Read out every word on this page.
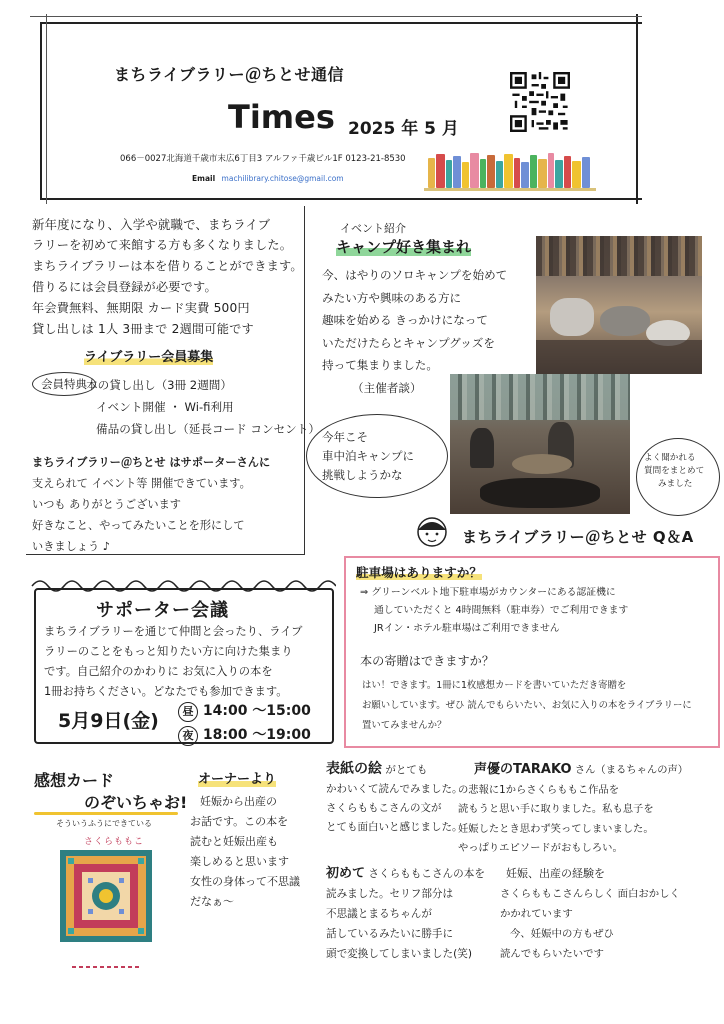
まちライブラリー＠ちとせ通信
Times 2025 年 5 月
066－0027北海道千歳市末広6丁目3 アルファ千歳ビル1F 0123-21-8530
Email machilibrary.chitose@gmail.com
新年度になり、入学や就職で、まちライブ
ラリーを初めて来館する方も多くなりました。
まちライブラリーは本を借りることができます。
借りるには会員登録が必要です。
年会費無料、無期限 カード実費 500円
貸し出しは 1人 3冊まで 2週間可能です
ライブラリー会員募集
会員特典 本の貸し出し（3冊 2週間）
イベント開催 ・ Wi-fi利用
備品の貸し出し（延長コード コンセント）
まちライブラリー＠ちとせ はサポーターさんに
支えられて イベント等 開催できています。
いつも ありがとうございます
好きなこと、やってみたいことを形にして
いきましょう ♪
イベント紹介
キャンプ好き集まれ
今、はやりのソロキャンプを始めて
みたい方や興味のある方に
趣味を始める きっかけになって
いただけたらとキャンプグッズを
持って集まりました。
（主催者談）
今年こそ
車中泊キャンプに
挑戦しようかな
よく聞かれる
質問をまとめて
みました
まちライブラリー＠ちとせ Q＆A
駐車場はありますか？
⇒ グリーンベルト地下駐車場がカウンターにある認証機に
通していただくと 4時間無料（駐車券）でご利用できます
JRイン・ホテル駐車場はご利用できません
本の寄贈はできますか？
はい！できます。1冊に1枚感想カードを書いていただき寄贈を
お願いしています。ぜひ 読んでもらいたい、お気に入りの本をライブラリーに
置いてみませんか？
サポーター会議
まちライブラリーを通じて仲間と会ったり、ライブ
ラリーのことをもっと知りたい方に向けた集まり
です。自己紹介のかわりに お気に入りの本を
1冊お持ちください。どなたでも参加できます。
5月9日(金)	昼 14:00 ～15:00
夜 18:00 ～19:00
感想カード
のぞいちゃお!
そういうふうにできている
さくらももこ
オーナーより
妊娠から出産の
お話です。この本を
読むと妊娠出産も
楽しめると思います
女性の身体って不思議
だなぁ～
表紙の絵 がとても
かわいくて読んでみました。
さくらももこさんの文が
とても面白いと感じました。
声優のTARAKO さん（まるちゃんの声）
の悲報に1からさくらももこ作品を
読もうと思い手に取りました。私も息子を
妊娠したとき思わず笑ってしまいました。
やっぱりエピソードがおもしろい。
初めて さくらももこさんの本を
読みました。セリフ部分は
不思議とまるちゃんが
話しているみたいに勝手に
頭で変換してしまいました(笑)
妊娠、出産の経験を
さくらももこさんらしく 面白おかしく
かかれています
今、妊娠中の方もぜひ
読んでもらいたいです
